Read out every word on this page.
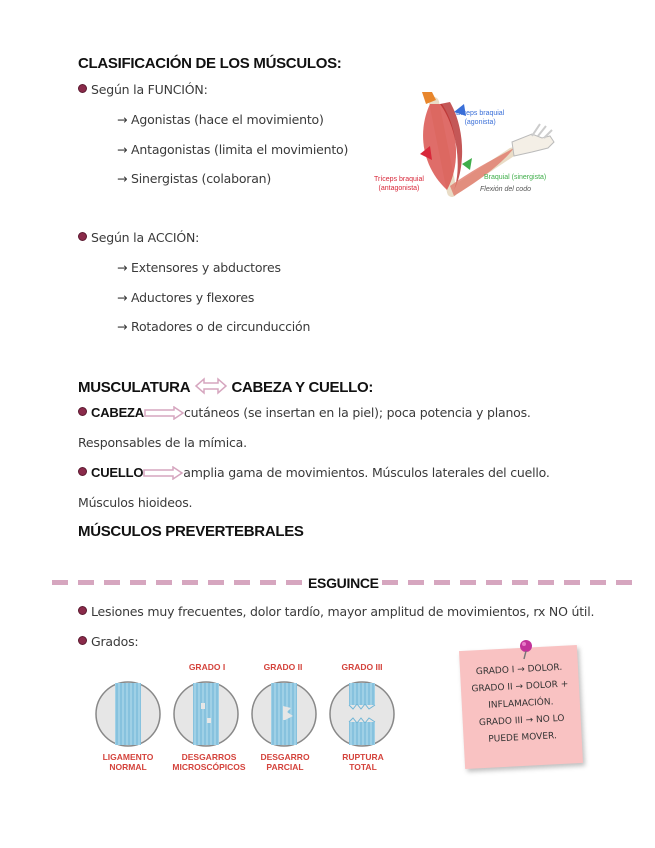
CLASIFICACIÓN DE LOS MÚSCULOS:
Según la FUNCIÓN:
→ Agonistas (hace el movimiento)
→ Antagonistas (limita el movimiento)
→ Sinergistas (colaboran)
Bíceps braquial
(agonista)
Tríceps braquial
(antagonista)
Braquial (sinergista)
Flexión del codo
Según la ACCIÓN:
→ Extensores y abductores
→ Aductores y flexores
→ Rotadores o de circunducción
MUSCULATURA	CABEZA Y CUELLO:
CABEZA	cutáneos (se insertan en la piel); poca potencia y planos.
Responsables de la mímica.
CUELLO	amplia gama de movimientos. Músculos laterales del cuello.
Músculos hioideos.
MÚSCULOS PREVERTEBRALES
ESGUINCE
Lesiones muy frecuentes, dolor tardío, mayor amplitud de movimientos, rx NO útil.
Grados:
GRADO I	GRADO II	GRADO III
LIGAMENTO
NORMAL
DESGARROS
MICROSCÓPICOS
DESGARRO
PARCIAL
RUPTURA
TOTAL

GRADO I → DOLOR.

GRADO II → DOLOR +

INFLAMACIÓN.

GRADO III → NO LO

PUEDE MOVER.
